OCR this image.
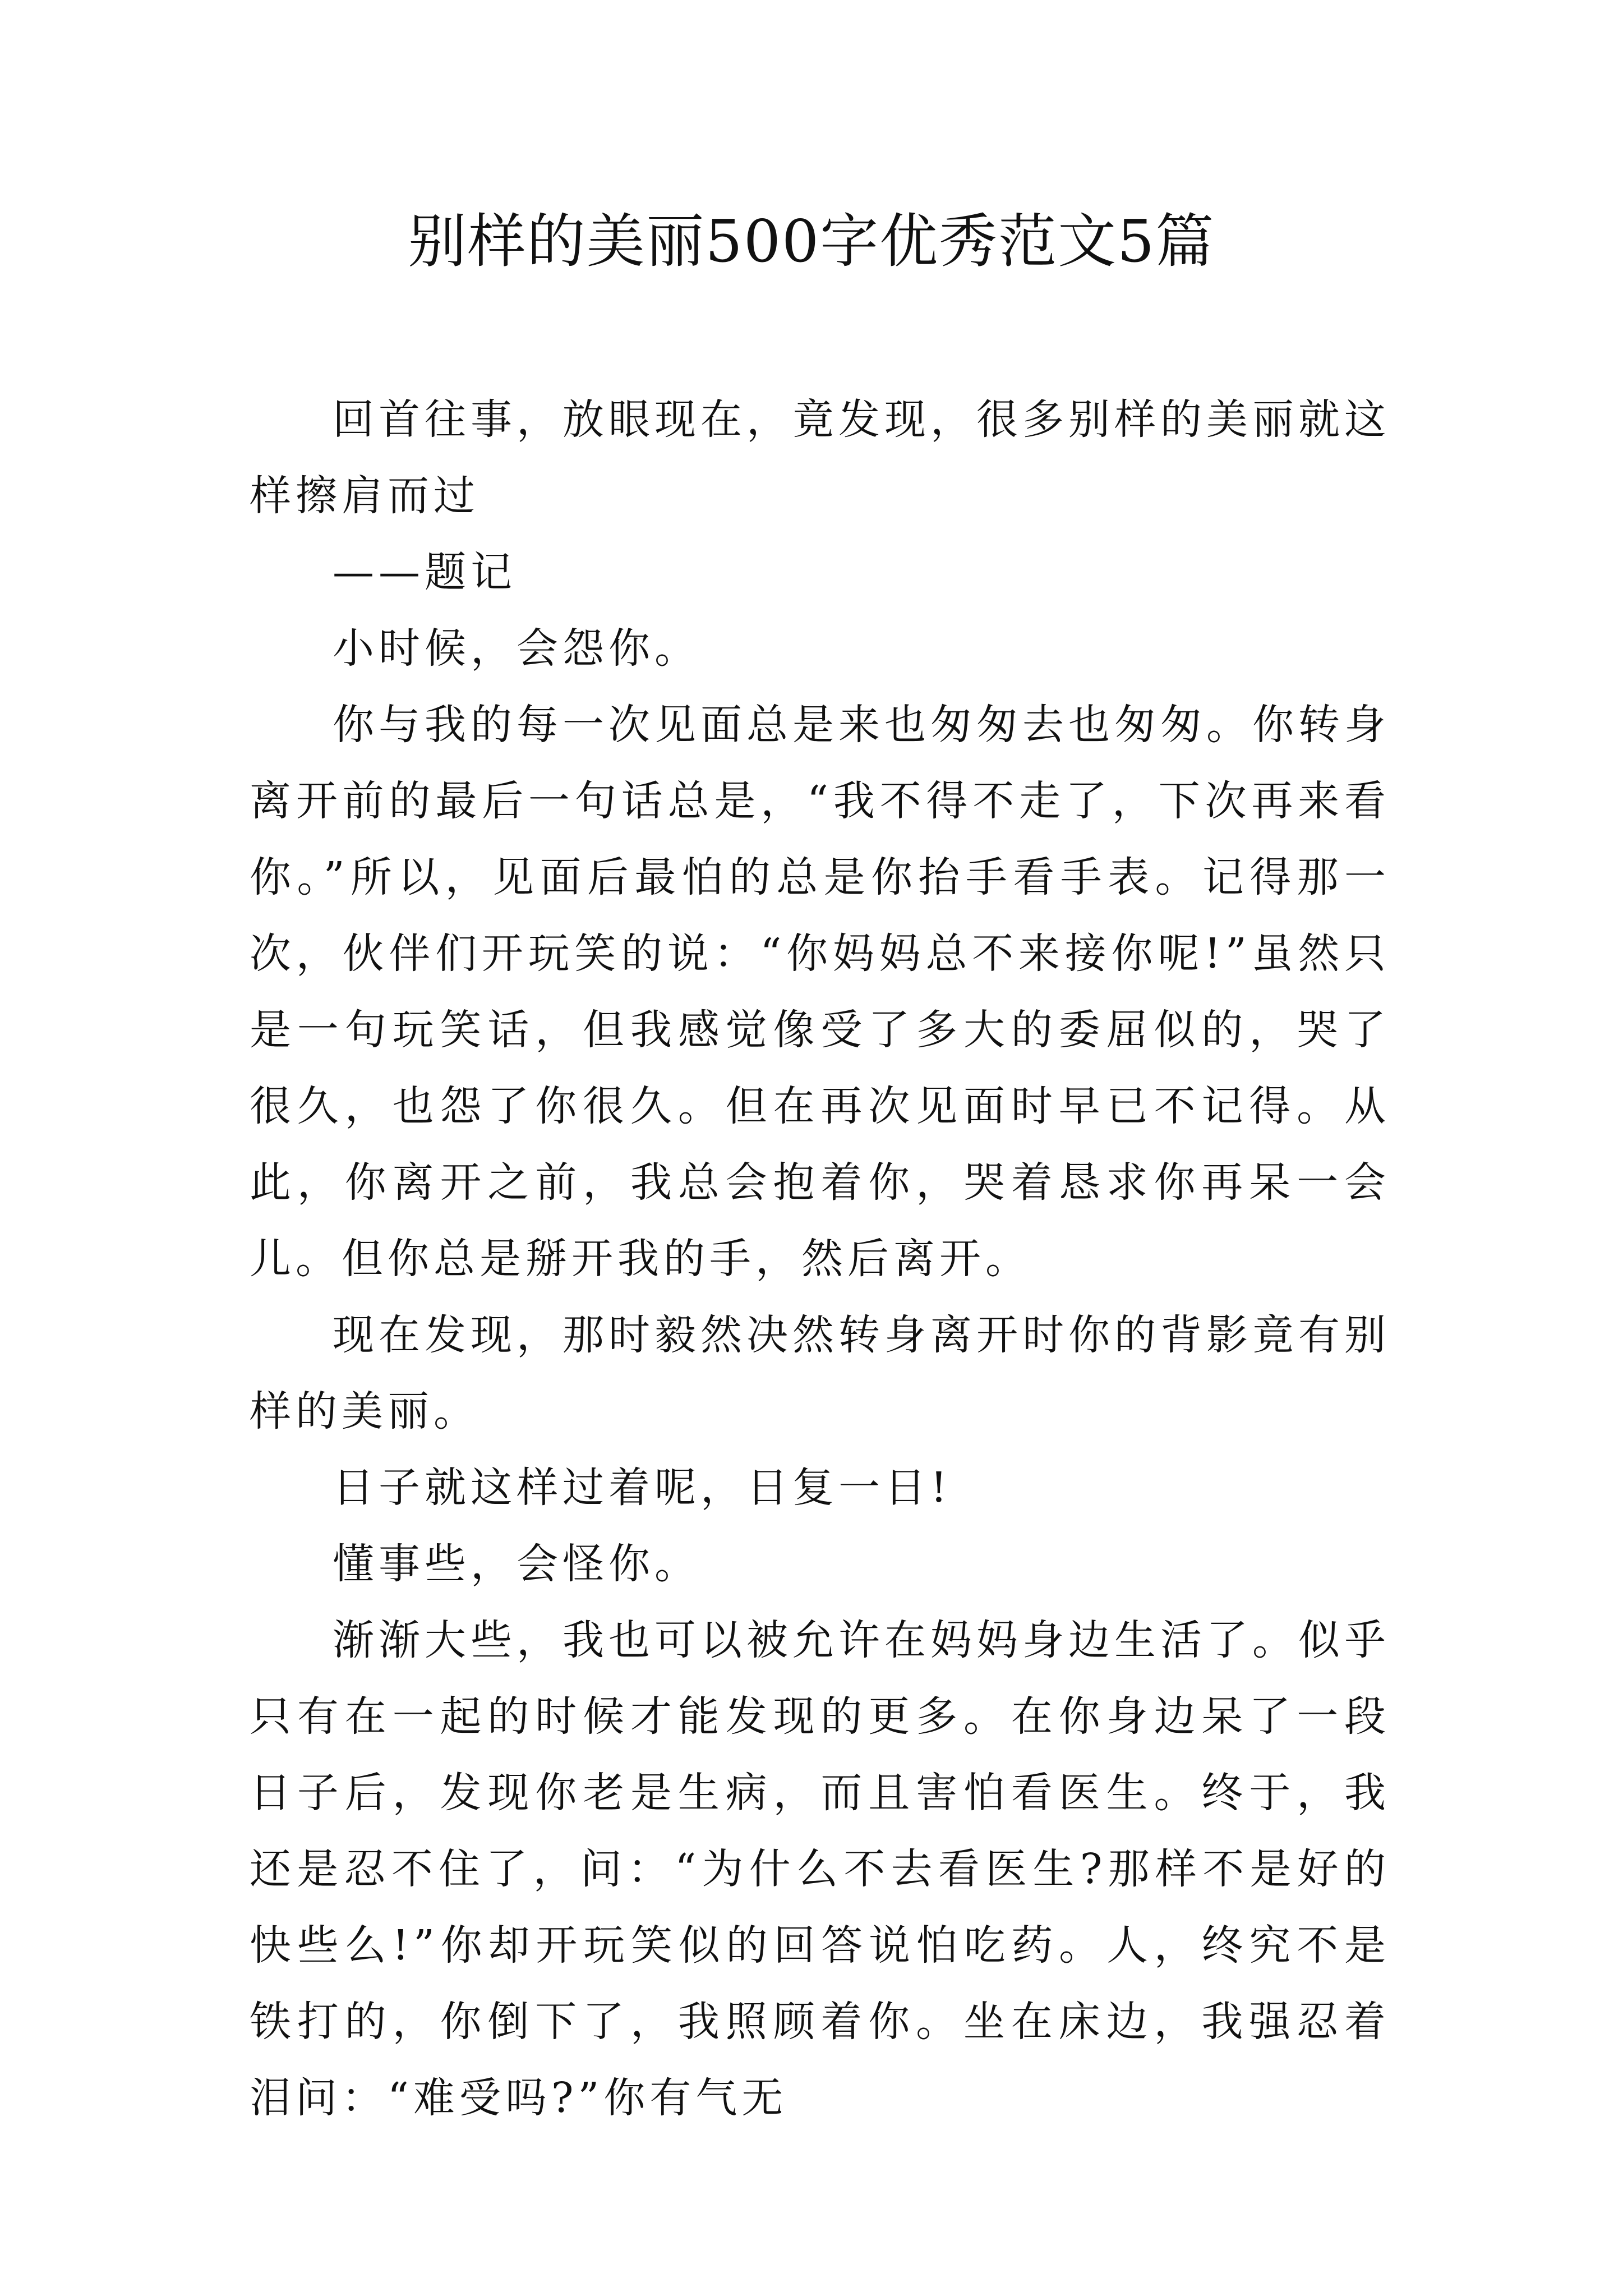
别样的美丽500字优秀范文5篇

回首往事，放眼现在，竟发现，很多别样的美丽就这样擦肩而过

——题记

小时候，会怨你。

你与我的每一次见面总是来也匆匆去也匆匆。你转身离开前的最后一句话总是，“我不得不走了，下次再来看你。”所以，见面后最怕的总是你抬手看手表。记得那一次，伙伴们开玩笑的说：“你妈妈总不来接你呢!”虽然只是一句玩笑话，但我感觉像受了多大的委屈似的，哭了很久，也怨了你很久。但在再次见面时早已不记得。从此，你离开之前，我总会抱着你，哭着恳求你再呆一会儿。但你总是掰开我的手，然后离开。

现在发现，那时毅然决然转身离开时你的背影竟有别样的美丽。

日子就这样过着呢，日复一日!

懂事些，会怪你。

渐渐大些，我也可以被允许在妈妈身边生活了。似乎只有在一起的时候才能发现的更多。在你身边呆了一段日子后，发现你老是生病，而且害怕看医生。终于，我还是忍不住了，问：“为什么不去看医生?那样不是好的快些么!”你却开玩笑似的回答说怕吃药。人，终究不是铁打的，你倒下了，我照顾着你。坐在床边，我强忍着泪问：“难受吗?”你有气无
